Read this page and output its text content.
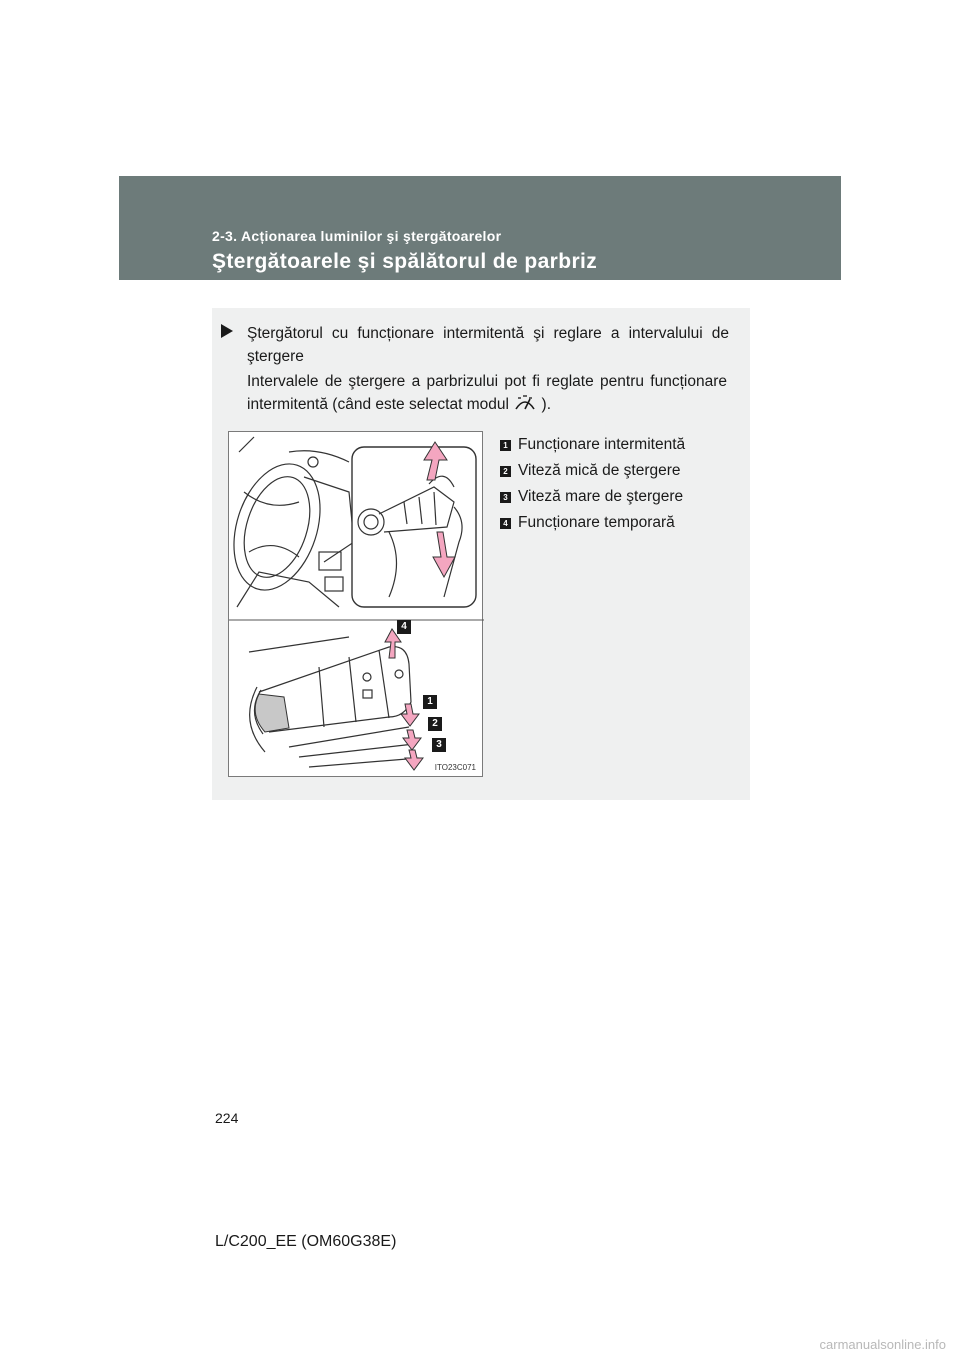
2-3. Acționarea luminilor şi ştergătoarelor
Ştergătoarele şi spălătorul de parbriz
Ştergătorul cu funcționare intermitentă şi reglare a intervalului de ştergere
Intervalele de ştergere a parbrizului pot fi reglate pentru funcționare intermitentă (când este selectat modul ).
4
1
2
3
ITO23C071
1 Funcționare intermitentă
2 Viteză mică de ştergere
3 Viteză mare de ştergere
4 Funcționare temporară
224
L/C200_EE (OM60G38E)
carmanualsonline.info
